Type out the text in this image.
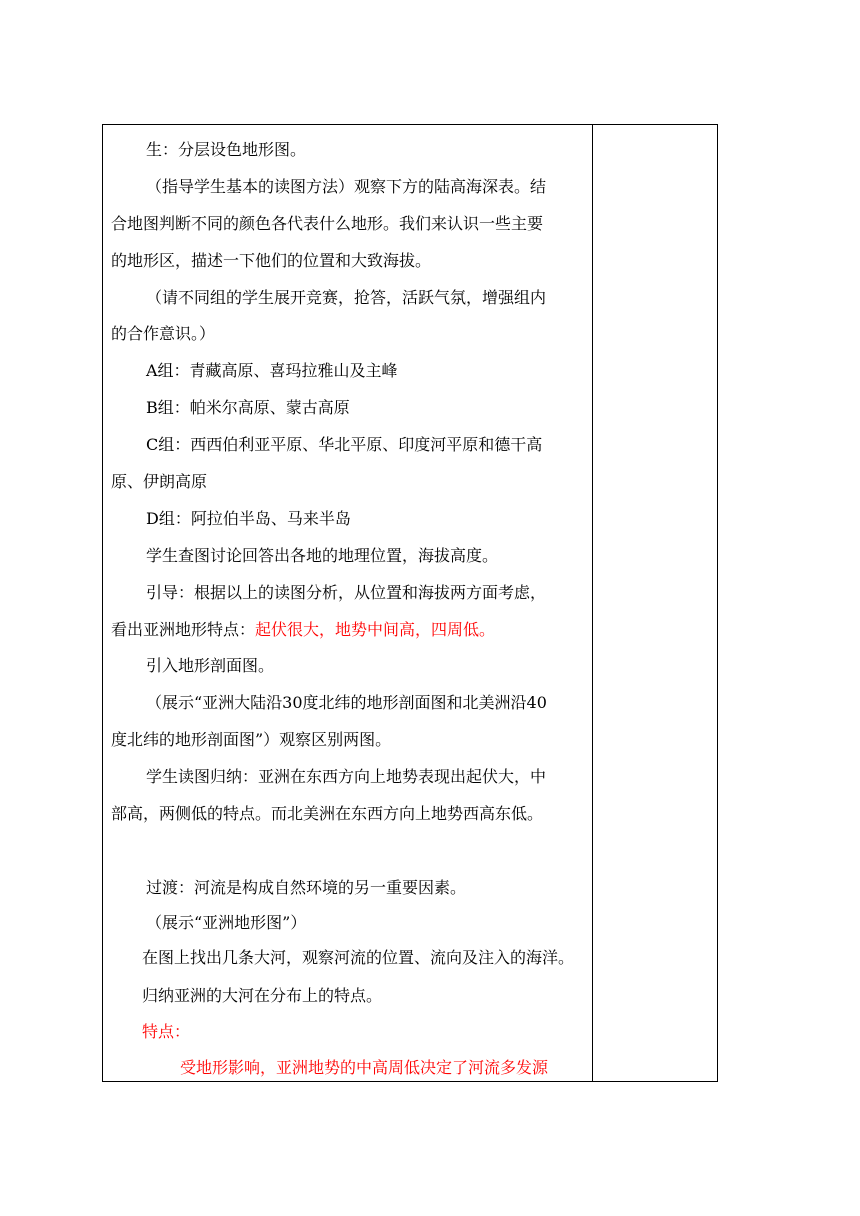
生：分层设色地形图。
（指导学生基本的读图方法）观察下方的陆高海深表。结
合地图判断不同的颜色各代表什么地形。我们来认识一些主要
的地形区，描述一下他们的位置和大致海拔。
（请不同组的学生展开竞赛，抢答，活跃气氛，增强组内
的合作意识。）
A组：青藏高原、喜玛拉雅山及主峰
B组：帕米尔高原、蒙古高原
C组：西西伯利亚平原、华北平原、印度河平原和德干高
原、伊朗高原
D组：阿拉伯半岛、马来半岛
学生查图讨论回答出各地的地理位置，海拔高度。
引导：根据以上的读图分析，从位置和海拔两方面考虑，
看出亚洲地形特点：起伏很大，地势中间高，四周低。
引入地形剖面图。
（展示“亚洲大陆沿30度北纬的地形剖面图和北美洲沿40
度北纬的地形剖面图”）观察区别两图。
学生读图归纳：亚洲在东西方向上地势表现出起伏大，中
部高，两侧低的特点。而北美洲在东西方向上地势西高东低。
过渡：河流是构成自然环境的另一重要因素。
（展示“亚洲地形图”）
在图上找出几条大河，观察河流的位置、流向及注入的海洋。
归纳亚洲的大河在分布上的特点。
特点：
受地形影响，亚洲地势的中高周低决定了河流多发源
